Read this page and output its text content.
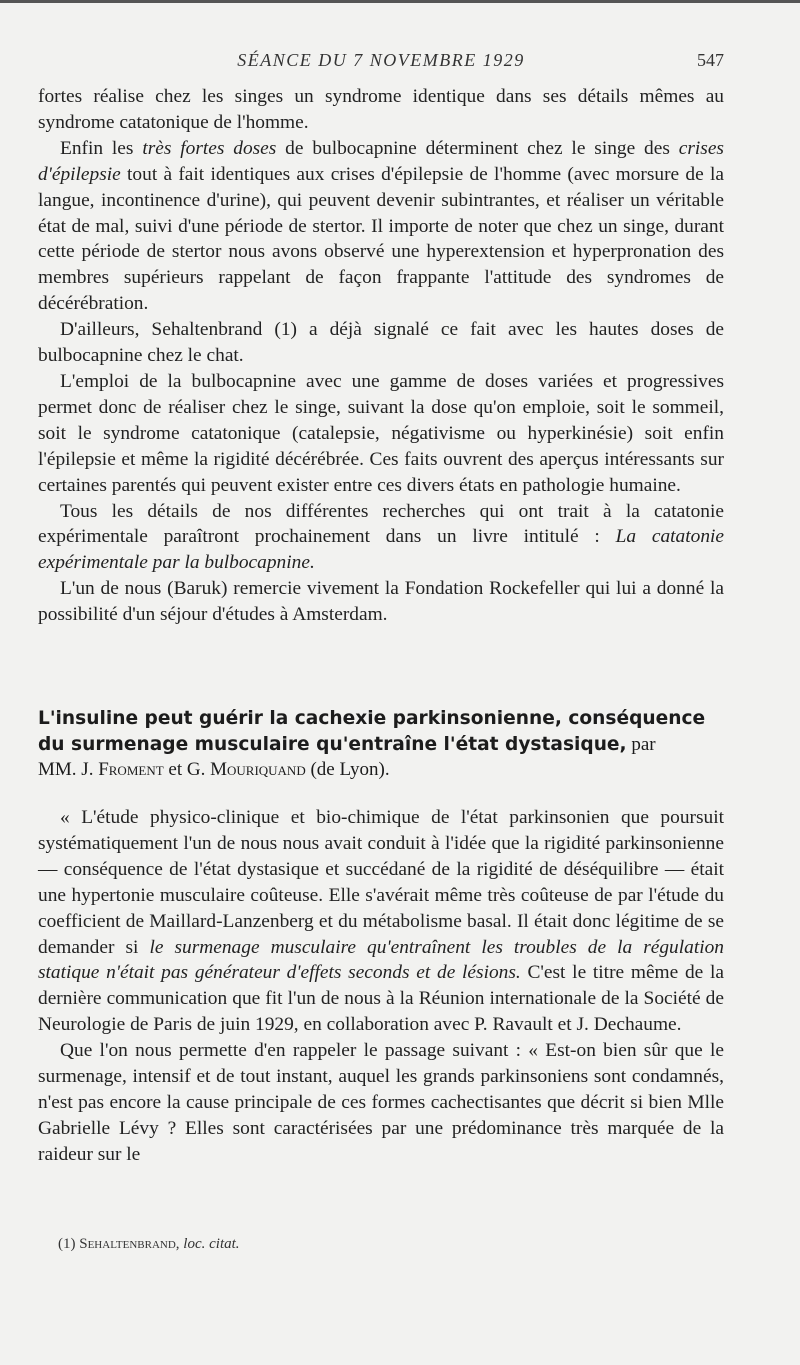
SÉANCE DU 7 NOVEMBRE 1929	547

fortes réalise chez les singes un syndrome identique dans ses détails mêmes au syndrome catatonique de l'homme.

Enfin les très fortes doses de bulbocapnine déterminent chez le singe des crises d'épilepsie tout à fait identiques aux crises d'épilepsie de l'homme (avec morsure de la langue, incontinence d'urine), qui peuvent devenir subintrantes, et réaliser un véritable état de mal, suivi d'une période de stertor. Il importe de noter que chez un singe, durant cette période de stertor nous avons observé une hyperextension et hyperpronation des membres supérieurs rappelant de façon frappante l'attitude des syndromes de décérébration.

D'ailleurs, Sehaltenbrand (1) a déjà signalé ce fait avec les hautes doses de bulbocapnine chez le chat.

L'emploi de la bulbocapnine avec une gamme de doses variées et progressives permet donc de réaliser chez le singe, suivant la dose qu'on emploie, soit le sommeil, soit le syndrome catatonique (catalepsie, négativisme ou hyperkinésie) soit enfin l'épilepsie et même la rigidité décérébrée. Ces faits ouvrent des aperçus intéressants sur certaines parentés qui peuvent exister entre ces divers états en pathologie humaine.

Tous les détails de nos différentes recherches qui ont trait à la catatonie expérimentale paraîtront prochainement dans un livre intitulé : La catatonie expérimentale par la bulbocapnine.

L'un de nous (Baruk) remercie vivement la Fondation Rockefeller qui lui a donné la possibilité d'un séjour d'études à Amsterdam.

L'insuline peut guérir la cachexie parkinsonienne, conséquence du surmenage musculaire qu'entraîne l'état dystasique, par
MM. J. Froment et G. Mouriquand (de Lyon).

« L'étude physico-clinique et bio-chimique de l'état parkinsonien que poursuit systématiquement l'un de nous nous avait conduit à l'idée que la rigidité parkinsonienne — conséquence de l'état dystasique et succédané de la rigidité de déséquilibre — était une hypertonie musculaire coûteuse. Elle s'avérait même très coûteuse de par l'étude du coefficient de Maillard-Lanzenberg et du métabolisme basal. Il était donc légitime de se demander si le surmenage musculaire qu'entraînent les troubles de la régulation statique n'était pas générateur d'effets seconds et de lésions. C'est le titre même de la dernière communication que fit l'un de nous à la Réunion internationale de la Société de Neurologie de Paris de juin 1929, en collaboration avec P. Ravault et J. Dechaume.

Que l'on nous permette d'en rappeler le passage suivant : « Est-on bien sûr que le surmenage, intensif et de tout instant, auquel les grands parkinsoniens sont condamnés, n'est pas encore la cause principale de ces formes cachectisantes que décrit si bien Mlle Gabrielle Lévy ? Elles sont caractérisées par une prédominance très marquée de la raideur sur le

(1) Sehaltenbrand, loc. citat.
